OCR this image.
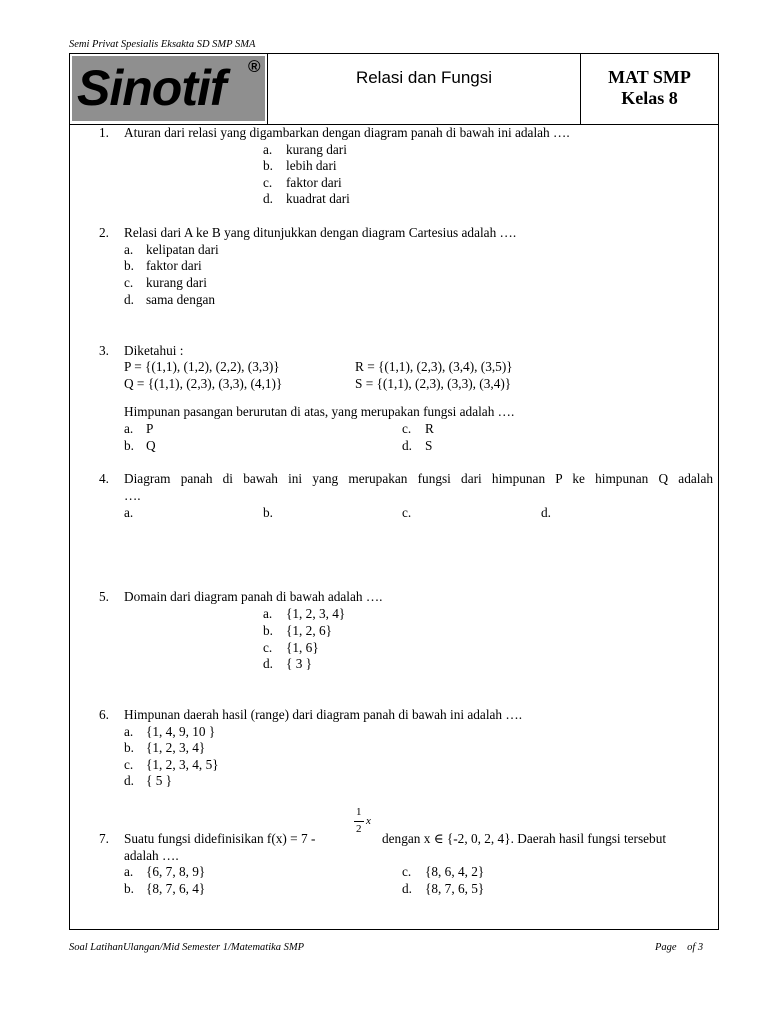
Semi Privat Spesialis Eksakta SD SMP SMA
Sinotif ®
Relasi dan Fungsi	MAT SMP
Kelas 8
1. Aturan dari relasi yang digambarkan dengan diagram panah di bawah ini adalah ….
a. kurang dari
b. lebih dari
c. faktor dari
d. kuadrat dari
2. Relasi dari A ke B yang ditunjukkan dengan diagram Cartesius adalah ….
a. kelipatan dari
b. faktor dari
c. kurang dari
d. sama dengan
3. Diketahui :
P = {(1,1), (1,2), (2,2), (3,3)}	R = {(1,1), (2,3), (3,4), (3,5)}
Q = {(1,1), (2,3), (3,3), (4,1)}	S = {(1,1), (2,3), (3,3), (3,4)}
Himpunan pasangan berurutan di atas, yang merupakan fungsi adalah ….
a. P
b. Q
c. R
d. S
4. Diagram panah di bawah ini yang merupakan fungsi dari himpunan P ke himpunan Q adalah
….
a.	b.	c.	d.
5. Domain dari diagram panah di bawah adalah ….
a. {1, 2, 3, 4}
b. {1, 2, 6}
c. {1, 6}
d. { 3 }
6. Himpunan daerah hasil (range) dari diagram panah di bawah ini adalah ….
a. {1, 4, 9, 10 }
b. {1, 2, 3, 4}
c. {1, 2, 3, 4, 5}
d. { 5 }
7. Suatu fungsi didefinisikan f(x) = 7 -
1
2
x
dengan x ∈ {-2, 0, 2, 4}. Daerah hasil fungsi tersebut
adalah ….
a. {6, 7, 8, 9}
b. {8, 7, 6, 4}
c. {8, 6, 4, 2}
d. {8, 7, 6, 5}
Soal LatihanUlangan/Mid Semester 1/Matematika SMP	Page    of 3
